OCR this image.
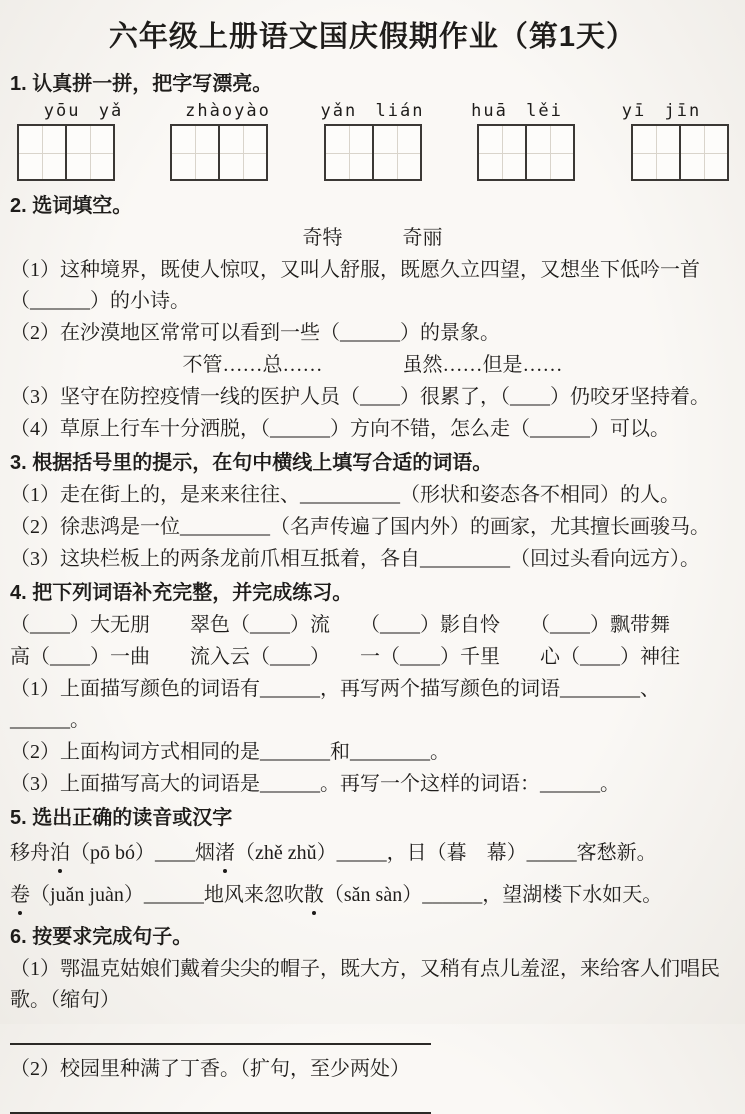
六年级上册语文国庆假期作业（第1天）
1. 认真拼一拼，把字写漂亮。
yōu yǎ	zhàoyào	yǎn lián	huā lěi	yī jīn
2. 选词填空。
奇特　　　奇丽
（1）这种境界，既使人惊叹，又叫人舒服，既愿久立四望，又想坐下低吟一首（______）的小诗。
（2）在沙漠地区常常可以看到一些（______）的景象。
不管……总……　　　　虽然……但是……
（3）坚守在防控疫情一线的医护人员（____）很累了，（____）仍咬牙坚持着。
（4）草原上行车十分洒脱，（______）方向不错，怎么走（______）可以。
3. 根据括号里的提示，在句中横线上填写合适的词语。
（1）走在街上的，是来来往往、__________（形状和姿态各不相同）的人。
（2）徐悲鸿是一位_________（名声传遍了国内外）的画家，尤其擅长画骏马。
（3）这块栏板上的两条龙前爪相互抵着，各自_________（回过头看向远方）。
4. 把下列词语补充完整，并完成练习。
（____）大无朋　　翠色（____）流　　（____）影自怜　　（____）飘带舞
高（____）一曲　　流入云（____）　　一（____）千里　　心（____）神往
（1）上面描写颜色的词语有______，再写两个描写颜色的词语________、______。
（2）上面构词方式相同的是_______和________。
（3）上面描写高大的词语是______。再写一个这样的词语：______。
5. 选出正确的读音或汉字
移舟泊（pō bó）____烟渚（zhě zhǔ）_____，日（暮　幕）_____客愁新。
卷（juǎn juàn）______地风来忽吹散（sǎn sàn）______，望湖楼下水如天。
6. 按要求完成句子。
（1）鄂温克姑娘们戴着尖尖的帽子，既大方，又稍有点儿羞涩，来给客人们唱民歌。（缩句）
（2）校园里种满了丁香。（扩句，至少两处）
